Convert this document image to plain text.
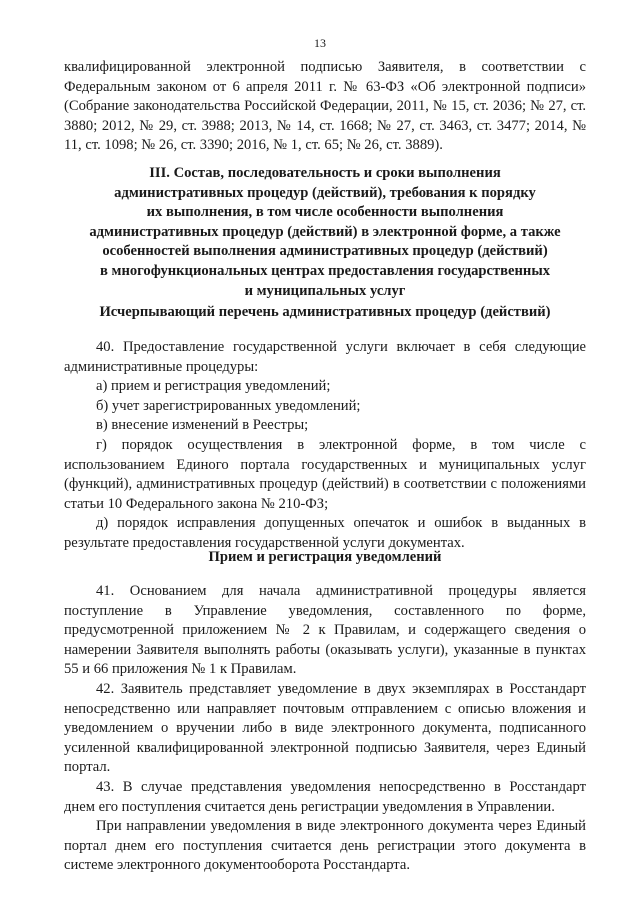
13

квалифицированной электронной подписью Заявителя, в соответствии с Федеральным законом от 6 апреля 2011 г. № 63-ФЗ «Об электронной подписи» (Собрание законодательства Российской Федерации, 2011, № 15, ст. 2036; № 27, ст. 3880; 2012, № 29, ст. 3988; 2013, № 14, ст. 1668; № 27, ст. 3463, ст. 3477; 2014, № 11, ст. 1098; № 26, ст. 3390; 2016, № 1, ст. 65; № 26, ст. 3889).

III. Состав, последовательность и сроки выполнения
административных процедур (действий), требования к порядку
их выполнения, в том числе особенности выполнения
административных процедур (действий) в электронной форме, а также
особенностей выполнения административных процедур (действий)
в многофункциональных центрах предоставления государственных
и муниципальных услуг
Исчерпывающий перечень административных процедур (действий)

40. Предоставление государственной услуги включает в себя следующие административные процедуры:

а) прием и регистрация уведомлений;

б) учет зарегистрированных уведомлений;

в) внесение изменений в Реестры;

г) порядок осуществления в электронной форме, в том числе с использованием Единого портала государственных и муниципальных услуг (функций), административных процедур (действий) в соответствии с положениями статьи 10 Федерального закона № 210-ФЗ;

д) порядок исправления допущенных опечаток и ошибок в выданных в результате предоставления государственной услуги документах.

Прием и регистрация уведомлений

41. Основанием для начала административной процедуры является поступление в Управление уведомления, составленного по форме, предусмотренной приложением № 2 к Правилам, и содержащего сведения о намерении Заявителя выполнять работы (оказывать услуги), указанные в пунктах 55 и 66 приложения № 1 к Правилам.

42. Заявитель представляет уведомление в двух экземплярах в Росстандарт непосредственно или направляет почтовым отправлением с описью вложения и уведомлением о вручении либо в виде электронного документа, подписанного усиленной квалифицированной электронной подписью Заявителя, через Единый портал.

43. В случае представления уведомления непосредственно в Росстандарт днем его поступления считается день регистрации уведомления в Управлении.

При направлении уведомления в виде электронного документа через Единый портал днем его поступления считается день регистрации этого документа в системе электронного документооборота Росстандарта.
